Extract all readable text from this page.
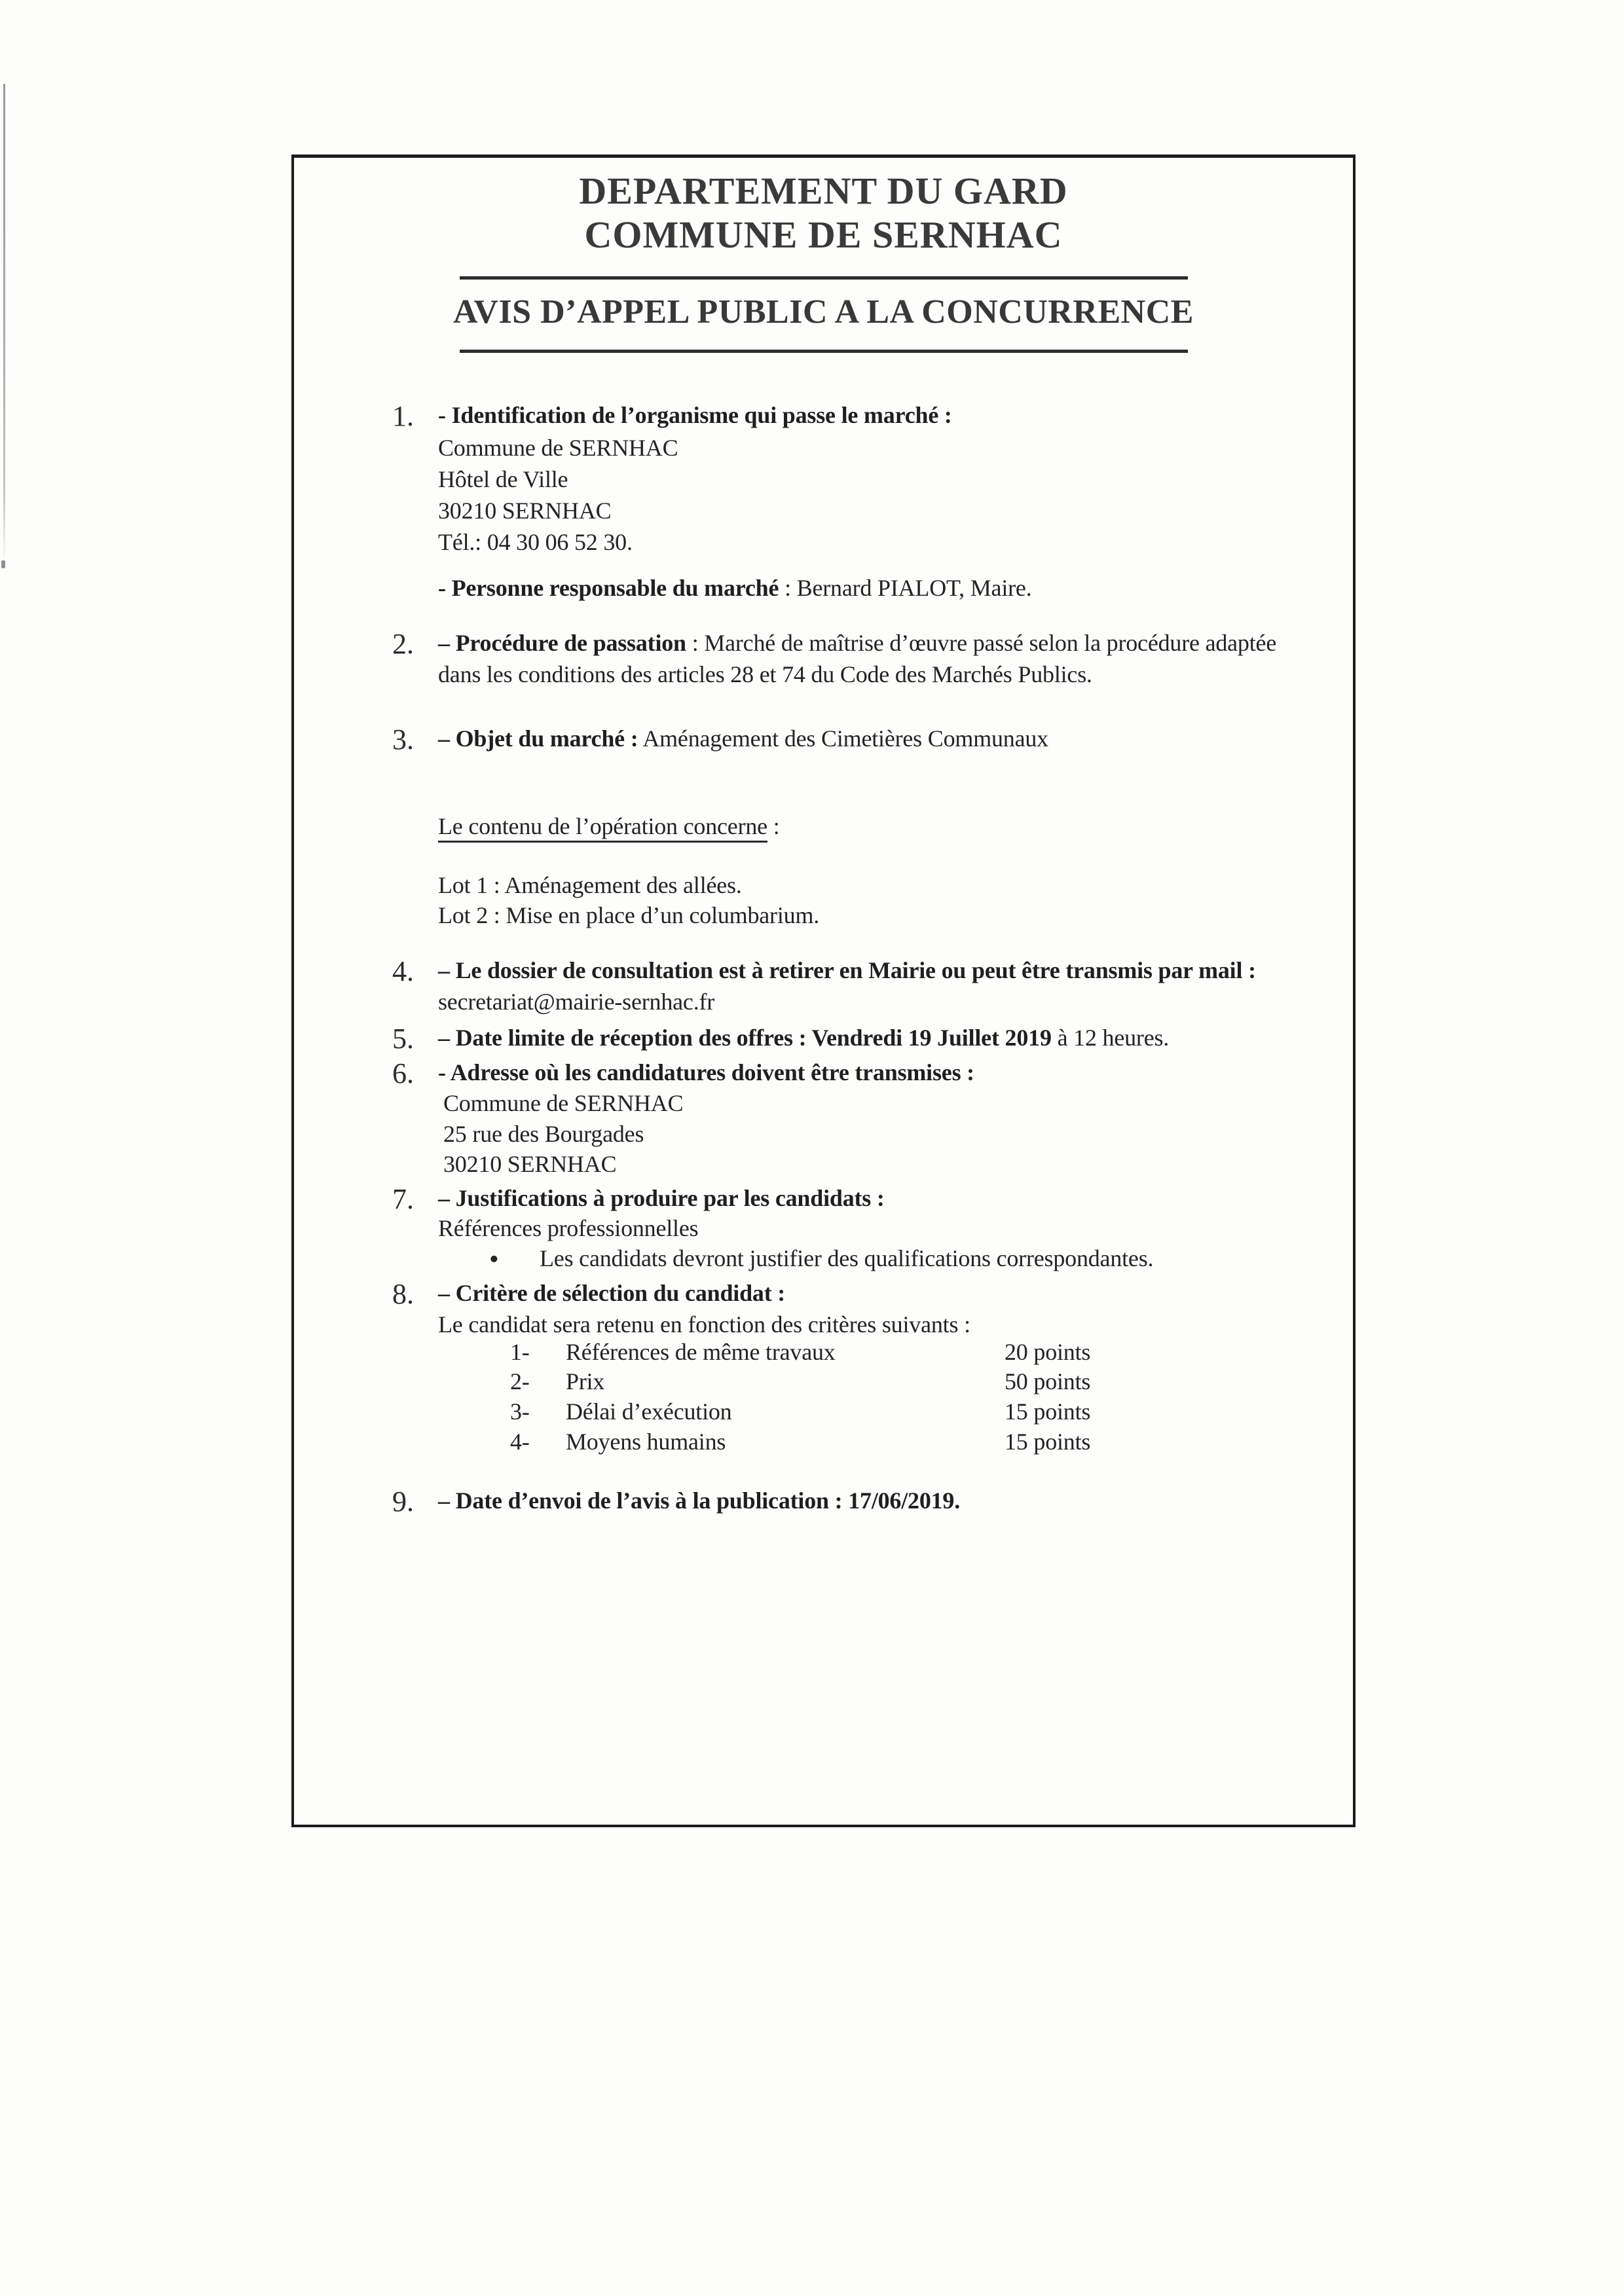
DEPARTEMENT DU GARD
COMMUNE DE SERNHAC
AVIS D’APPEL PUBLIC A LA CONCURRENCE
1. - Identification de l’organisme qui passe le marché :
Commune de SERNHAC
Hôtel de Ville
30210 SERNHAC
Tél.: 04 30 06 52 30.
- Personne responsable du marché : Bernard PIALOT, Maire.
2. – Procédure de passation : Marché de maîtrise d’œuvre passé selon la procédure adaptée
dans les conditions des articles 28 et 74 du Code des Marchés Publics.
3. – Objet du marché : Aménagement des Cimetières Communaux
Le contenu de l’opération concerne :
Lot 1 : Aménagement des allées.
Lot 2 : Mise en place d’un columbarium.
4. – Le dossier de consultation est à retirer en Mairie ou peut être transmis par mail :
secretariat@mairie-sernhac.fr
5. – Date limite de réception des offres : Vendredi 19 Juillet 2019 à 12 heures.
6. - Adresse où les candidatures doivent être transmises :
Commune de SERNHAC
25 rue des Bourgades
30210 SERNHAC
7. – Justifications à produire par les candidats :
Références professionnelles
• Les candidats devront justifier des qualifications correspondantes.
8. – Critère de sélection du candidat :
Le candidat sera retenu en fonction des critères suivants :
1- Références de même travaux	20 points
2- Prix	50 points
3- Délai d’exécution	15 points
4- Moyens humains	15 points
9. – Date d’envoi de l’avis à la publication : 17/06/2019.
